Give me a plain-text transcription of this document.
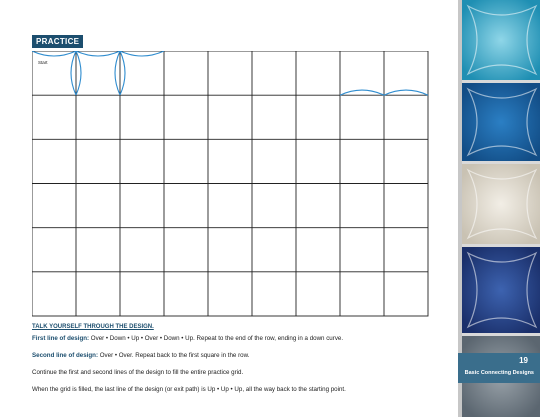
PRACTICE
Start
TALK YOURSELF THROUGH THE DESIGN.
First line of design: Over • Down • Up • Over • Down • Up. Repeat to the end of the row, ending in a down curve.
Second line of design: Over • Over. Repeat back to the first square in the row.
Continue the first and second lines of the design to fill the entire practice grid.
When the grid is filled, the last line of the design (or exit path) is Up • Up • Up, all the way back to the starting point.
19
Basic Connecting Designs
